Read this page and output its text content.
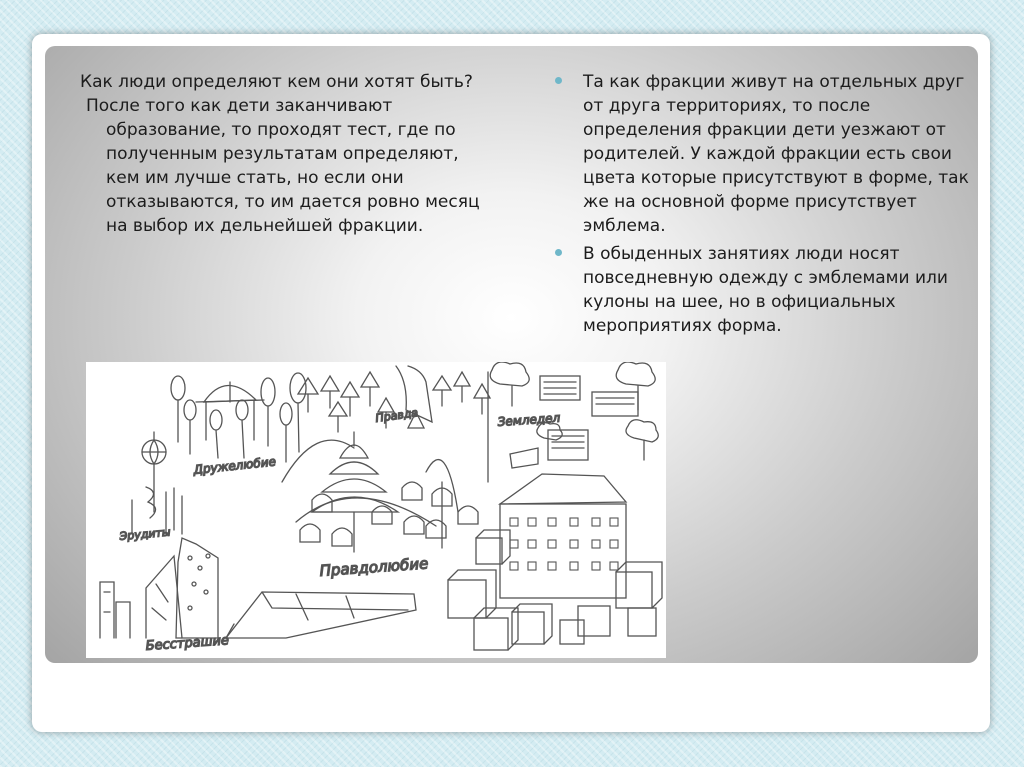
Как люди определяют кем они хотят быть?

После того как дети заканчивают образование, то проходят тест, где по полученным результатам определяют, кем им лучше стать, но если они отказываются, то им дается ровно месяц на выбор их дельнейшей фракции.

Та как фракции живут на отдельных друг от друга территориях, то после определения фракции дети уезжают от родителей. У каждой фракции есть свои цвета которые присутствуют в форме, так же на основной форме присутствует эмблема.
В обыденных занятиях люди носят повседневную одежду с эмблемами или кулоны на шее, но в официальных мероприятиях форма.
Дружелюбие
Эрудиты
Правда
Правдолюбие
Бесстрашие
Земледел
